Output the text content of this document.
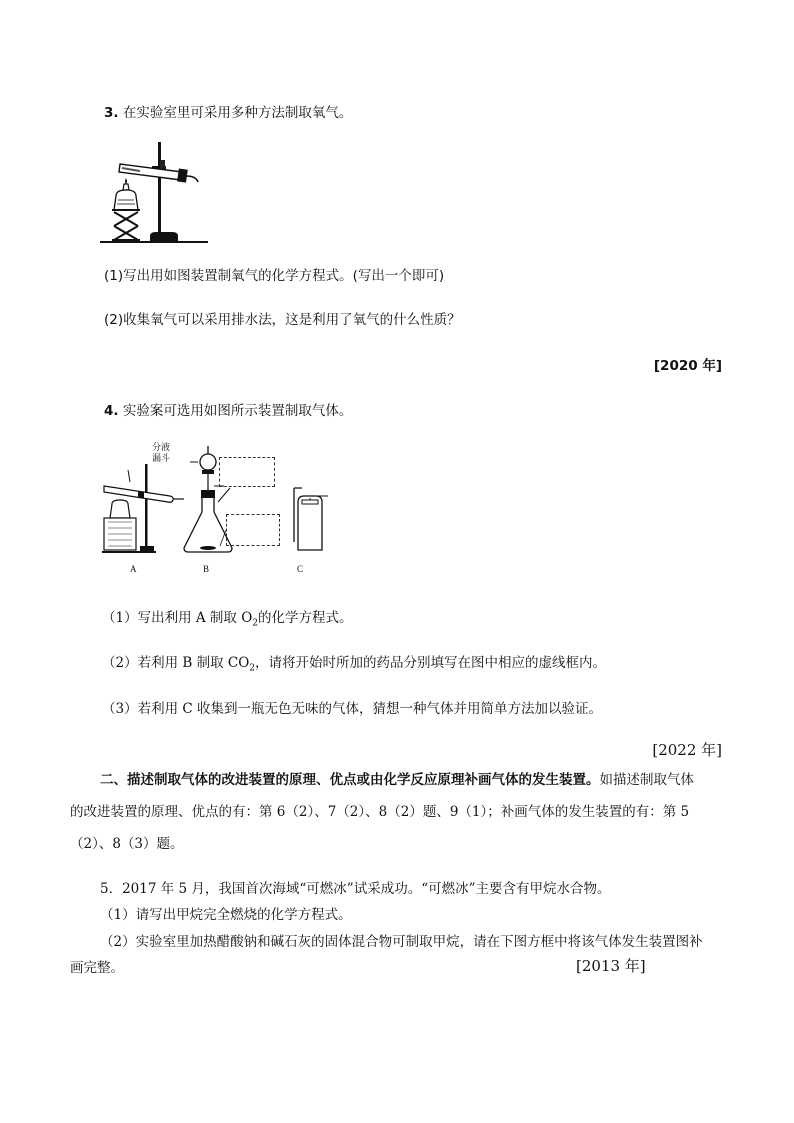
3. 在实验室里可采用多种方法制取氧气。
(1)写出用如图装置制氧气的化学方程式。(写出一个即可)
(2)收集氧气可以采用排水法，这是利用了氧气的什么性质？
[2020 年]
4. 实验案可选用如图所示装置制取气体。
分液
漏斗
A	B	C
（1）写出利用 A 制取 $O_2$的化学方程式。
（2）若利用 B 制取 $CO_2$，请将开始时所加的药品分别填写在图中相应的虚线框内。
（3）若利用 C 收集到一瓶无色无味的气体，猜想一种气体并用简单方法加以验证。
[2022 年]
二、描述制取气体的改进装置的原理、优点或由化学反应原理补画气体的发生装置。如描述制取气体
的改进装置的原理、优点的有：第 6（2）、7（2）、8（2）题、9（1）；补画气体的发生装置的有：第 5
（2）、8（3）题。
5．2017 年 5 月，我国首次海域“可燃冰”试采成功。“可燃冰”主要含有甲烷水合物。
（1）请写出甲烷完全燃烧的化学方程式。
（2）实验室里加热醋酸钠和碱石灰的固体混合物可制取甲烷，请在下图方框中将该气体发生装置图补
画完整。	[2013 年]
